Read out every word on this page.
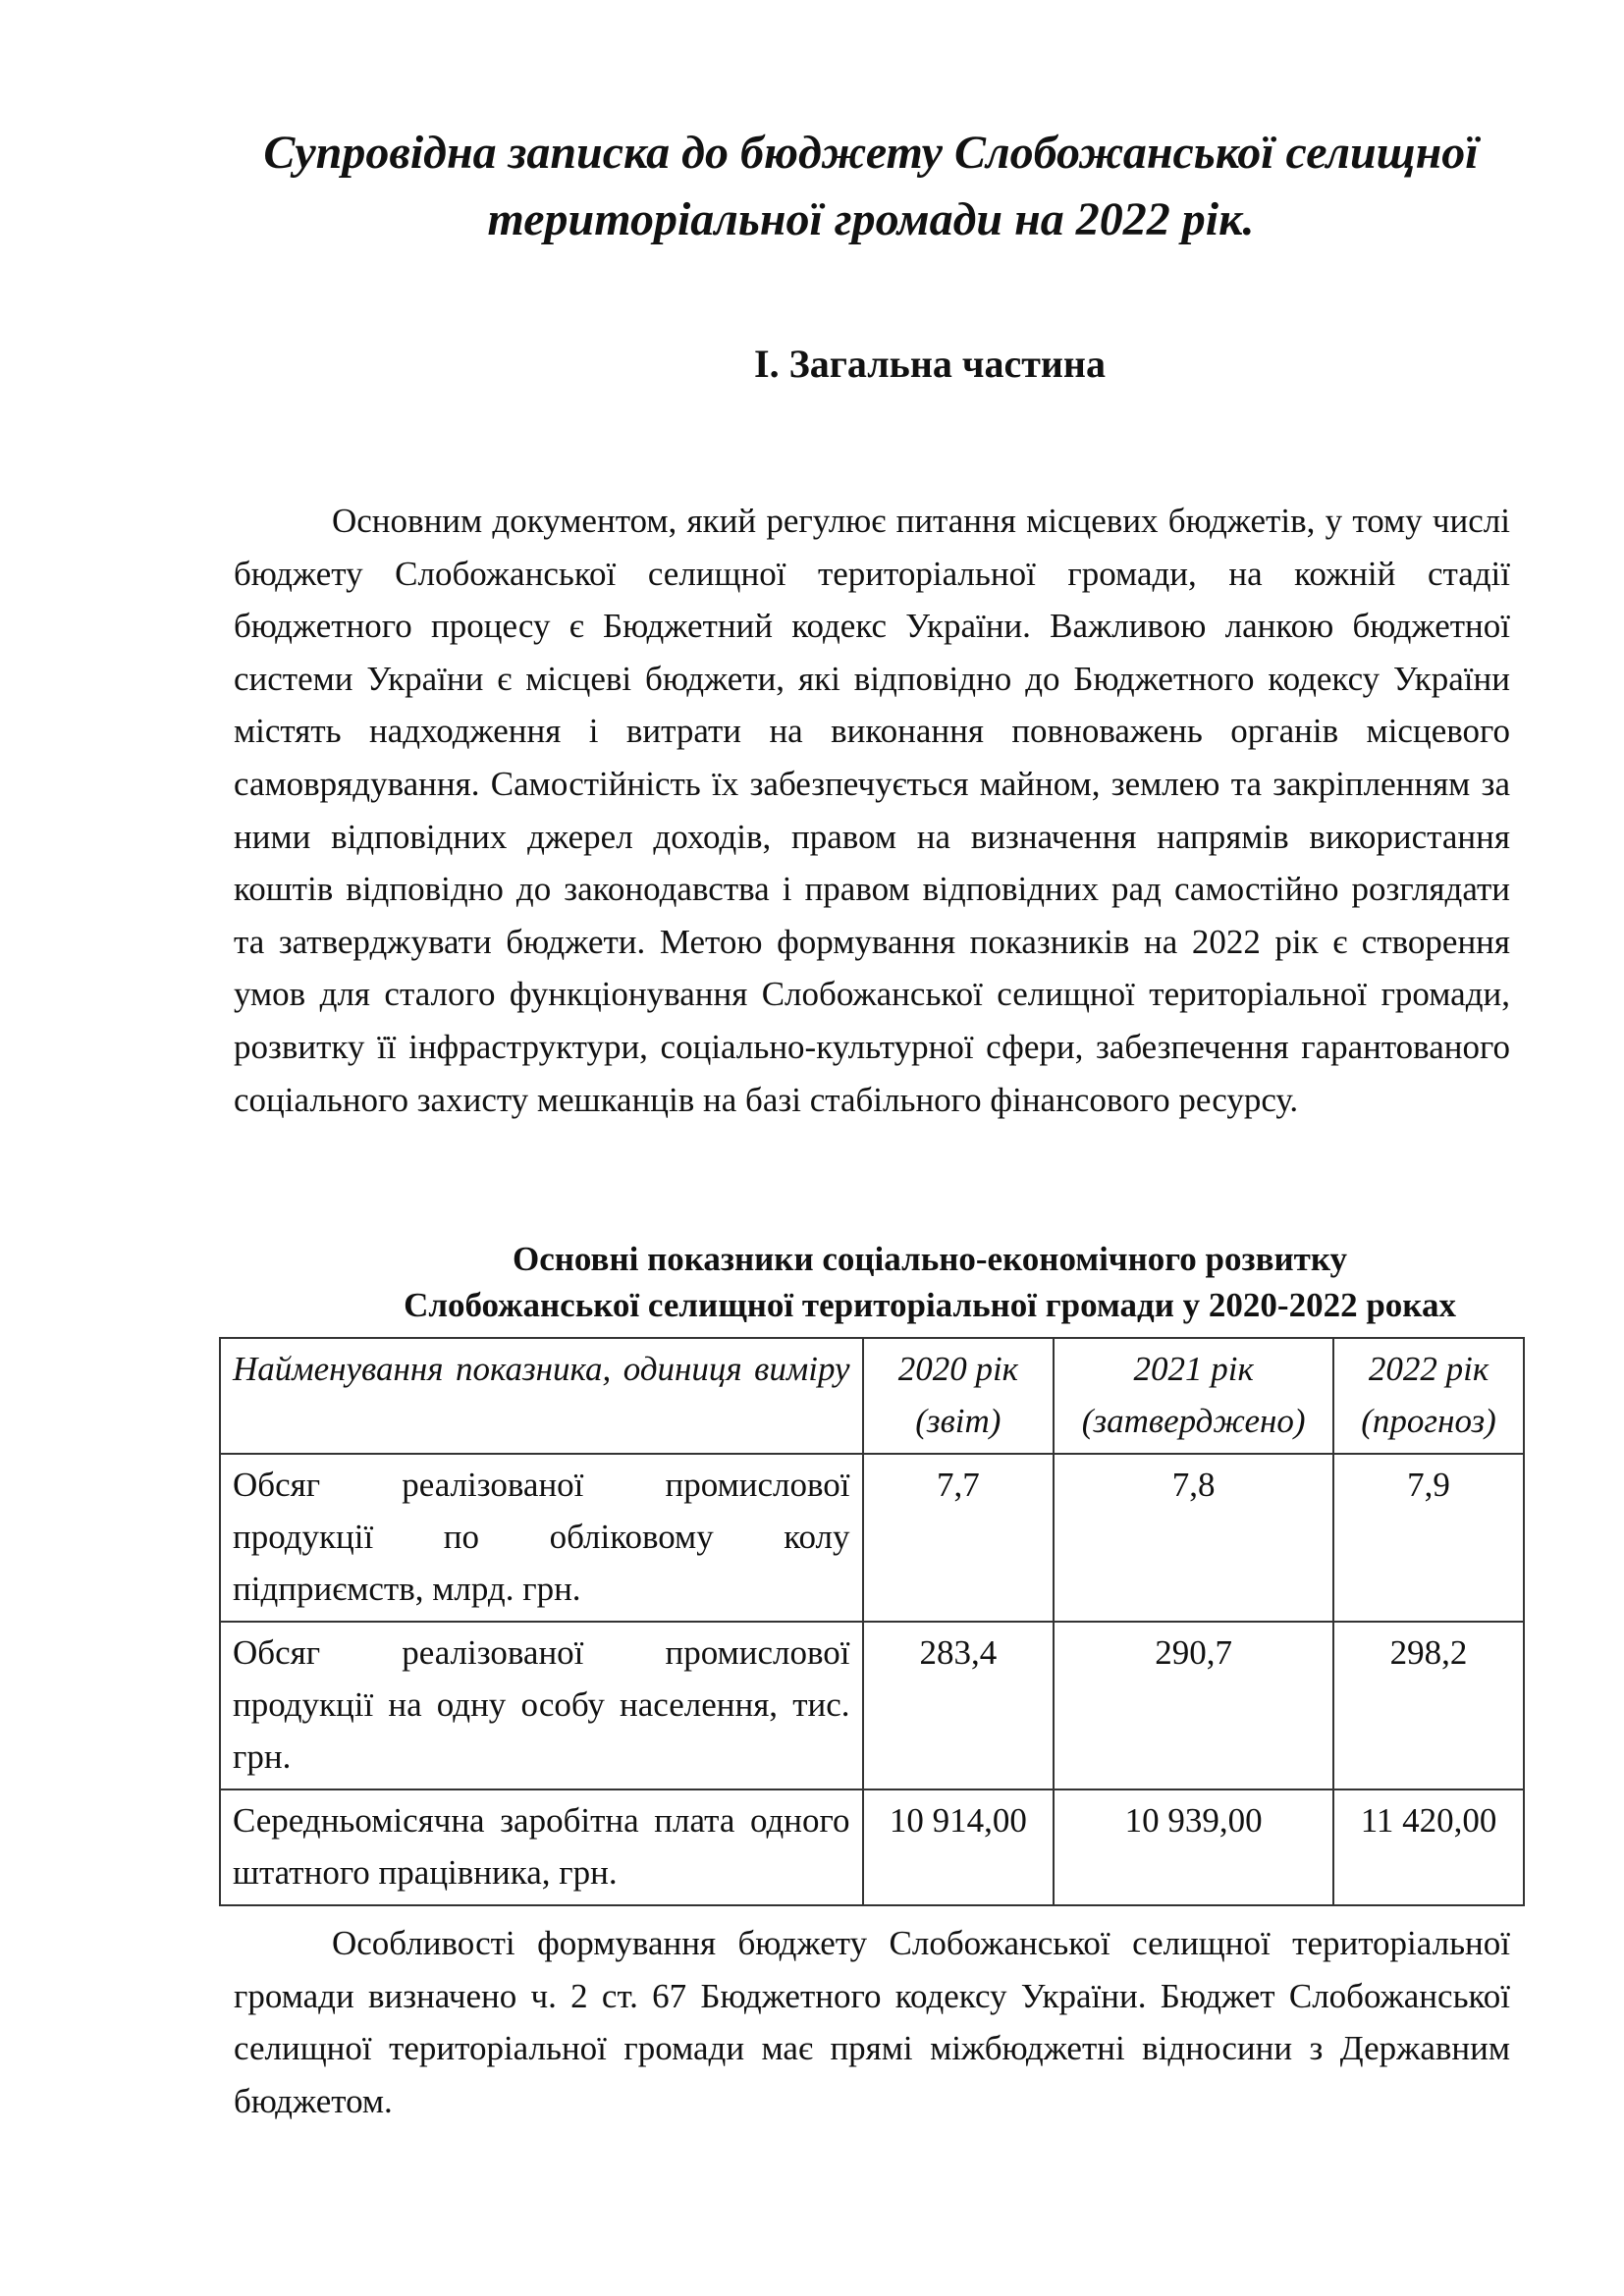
Супровідна записка до бюджету Слобожанської селищної територіальної громади на 2022 рік.
І. Загальна частина

Основним документом, який регулює питання місцевих бюджетів, у тому числі бюджету Слобожанської селищної територіальної громади, на кожній стадії бюджетного процесу є Бюджетний кодекс України. Важливою ланкою бюджетної системи України є місцеві бюджети, які відповідно до Бюджетного кодексу України містять надходження і витрати на виконання повноважень органів місцевого самоврядування. Самостійність їх забезпечується майном, землею та закріпленням за ними відповідних джерел доходів, правом на визначення напрямів використання коштів відповідно до законодавства і правом відповідних рад самостійно розглядати та затверджувати бюджети. Метою формування показників на 2022 рік є створення умов для сталого функціонування Слобожанської селищної територіальної громади, розвитку її інфраструктури, соціально-культурної сфери, забезпечення гарантованого соціального захисту мешканців на базі стабільного фінансового ресурсу.

Основні показники соціально-економічного розвитку
Слобожанської селищної територіальної громади у 2020-2022 роках
Найменування показника, одиниця виміру	2020 рік (звіт)	2021 рік (затверджено)	2022 рік (прогноз)
Обсяг реалізованої промислової продукції по обліковому колу підприємств, млрд. грн.	7,7	7,8	7,9
Обсяг реалізованої промислової продукції на одну особу населення, тис. грн.	283,4	290,7	298,2
Середньомісячна заробітна плата одного штатного працівника, грн.	10 914,00	10 939,00	11 420,00

Особливості формування бюджету Слобожанської селищної територіальної громади визначено ч. 2 ст. 67 Бюджетного кодексу України. Бюджет Слобожанської селищної територіальної громади має прямі міжбюджетні відносини з Державним бюджетом.
